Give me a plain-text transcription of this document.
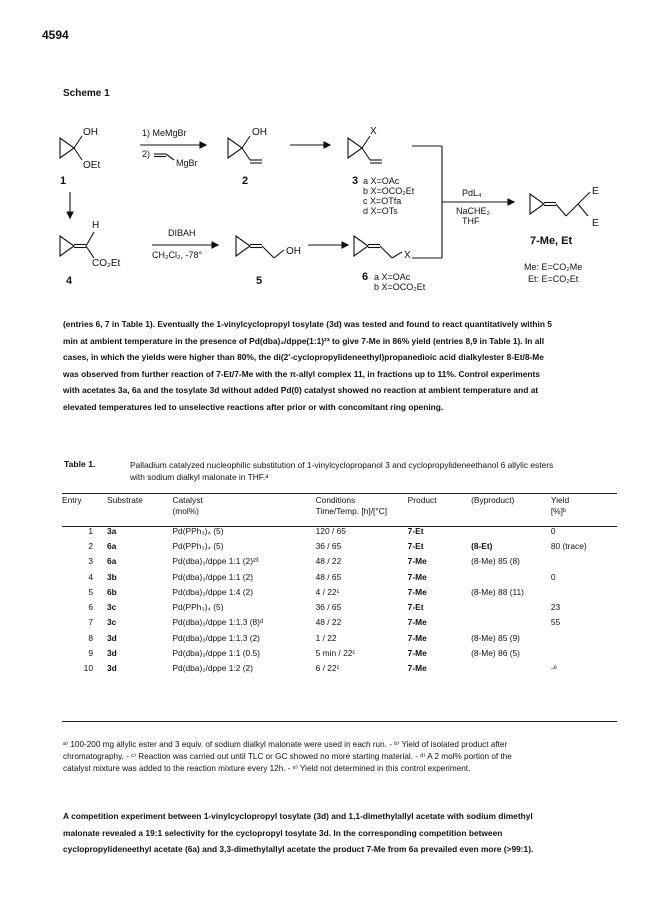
4594
Scheme 1
OH
OEt
1
1) MeMgBr
2)
MgBr
OH
2
X
3 a X=OAc
b X=OCO₂Et
c X=OTfa
d X=OTs
PdL₄
NaCHE₂
THF
E
E
7-Me, Et
Me: E=CO₂Me
Et: E=CO₂Et
H
CO₂Et
4
DIBAH
CH₂Cl₂, -78°	OH
5
X
6 a X=OAc
b X=OCO₂Et
(entries 6, 7 in Table 1). Eventually the 1-vinylcyclopropyl tosylate (3d) was tested and found to react quantitatively within 5
min at ambient temperature in the presence of Pd(dba)₂/dppe(1:1)²³ to give 7-Me in 86% yield (entries 8,9 in Table 1). In all
cases, in which the yields were higher than 80%, the di(2'-cyclopropylideneethyl)propanedioic acid dialkylester 8-Et/8-Me
was observed from further reaction of 7-Et/7-Me with the π-allyl complex 11, in fractions up to 11%. Control experiments
with acetates 3a, 6a and the tosylate 3d without added Pd(0) catalyst showed no reaction at ambient temperature and at
elevated temperatures led to unselective reactions after prior or with concomitant ring opening.
Table 1.	Palladium catalyzed nucleophilic substitution of 1-vinylcyclopropanol 3 and cyclopropylideneethanol 6 allylic esters with sodium dialkyl malonate in THF.ᵃ
Entry	Substrate	Catalyst
(mol%)	Conditions
Time/Temp. [h]/[°C]	Product	(Byproduct)	Yield
[%]ᵇ
1	3a	Pd(PPh₃)₄ (5)	120 / 65	7-Et		0
2	6a	Pd(PPh₃)₄ (5)	36 / 65	7-Et	(8-Et)	80 (trace)
3	6a	Pd(dba)₂/dppe 1:1 (2)²³	48 / 22	7-Me	(8-Me) 85 (8)	
4	3b	Pd(dba)₂/dppe 1:1 (2)	48 / 65	7-Me		0
5	6b	Pd(dba)₂/dppe 1:4 (2)	4 / 22ᶜ	7-Me	(8-Me) 88 (11)	
6	3c	Pd(PPh₃)₄ (5)	36 / 65	7-Et		23
7	3c	Pd(dba)₂/dppe 1:1.3 (8)ᵈ	48 / 22	7-Me		55
8	3d	Pd(dba)₂/dppe 1:1.3 (2)	1 / 22	7-Me	(8-Me) 85 (9)	
9	3d	Pd(dba)₂/dppe 1:1 (0.5)	5 min / 22ᶜ	7-Me	(8-Me) 86 (5)	
10	3d	Pd(dba)₂/dppe 1:2 (2)	6 / 22ᶜ	7-Me		-ᵉ
ᵃ⁾ 100-200 mg allylic ester and 3 equiv. of sodium dialkyl malonate were used in each run. - ᵇ⁾ Yield of isolated product after
chromatography. - ᶜ⁾ Reaction was carried out until TLC or GC showed no more starting material. - ᵈ⁾ A 2 mol% portion of the
catalyst mixture was added to the reaction mixture every 12h. - ᵉ⁾ Yield not determined in this control experiment.
A competition experiment between 1-vinylcyclopropyl tosylate (3d) and 1,1-dimethylallyl acetate with sodium dimethyl
malonate revealed a 19:1 selectivity for the cyclopropyl tosylate 3d. In the corresponding competition between
cyclopropylideneethyl acetate (6a) and 3,3-dimethylallyl acetate the product 7-Me from 6a prevailed even more (>99:1).
